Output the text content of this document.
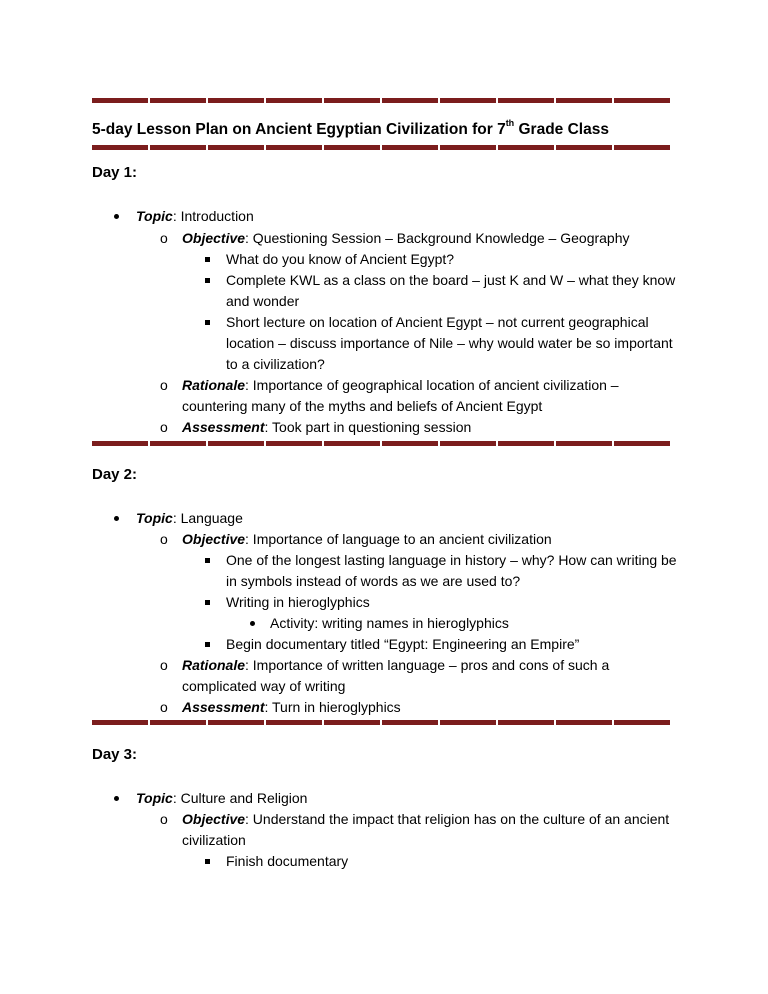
5-day Lesson Plan on Ancient Egyptian Civilization for 7th Grade Class
Day 1:
Topic: Introduction
o Objective: Questioning Session – Background Knowledge – Geography
What do you know of Ancient Egypt?
Complete KWL as a class on the board – just K and W – what they know
and wonder
Short lecture on location of Ancient Egypt – not current geographical
location – discuss importance of Nile – why would water be so important
to a civilization?
o Rationale: Importance of geographical location of ancient civilization –
countering many of the myths and beliefs of Ancient Egypt
o Assessment: Took part in questioning session
Day 2:
Topic: Language
o Objective: Importance of language to an ancient civilization
One of the longest lasting language in history – why? How can writing be
in symbols instead of words as we are used to?
Writing in hieroglyphics
Activity: writing names in hieroglyphics
Begin documentary titled “Egypt: Engineering an Empire”
o Rationale: Importance of written language – pros and cons of such a
complicated way of writing
o Assessment: Turn in hieroglyphics
Day 3:
Topic: Culture and Religion
o Objective: Understand the impact that religion has on the culture of an ancient
civilization
Finish documentary
